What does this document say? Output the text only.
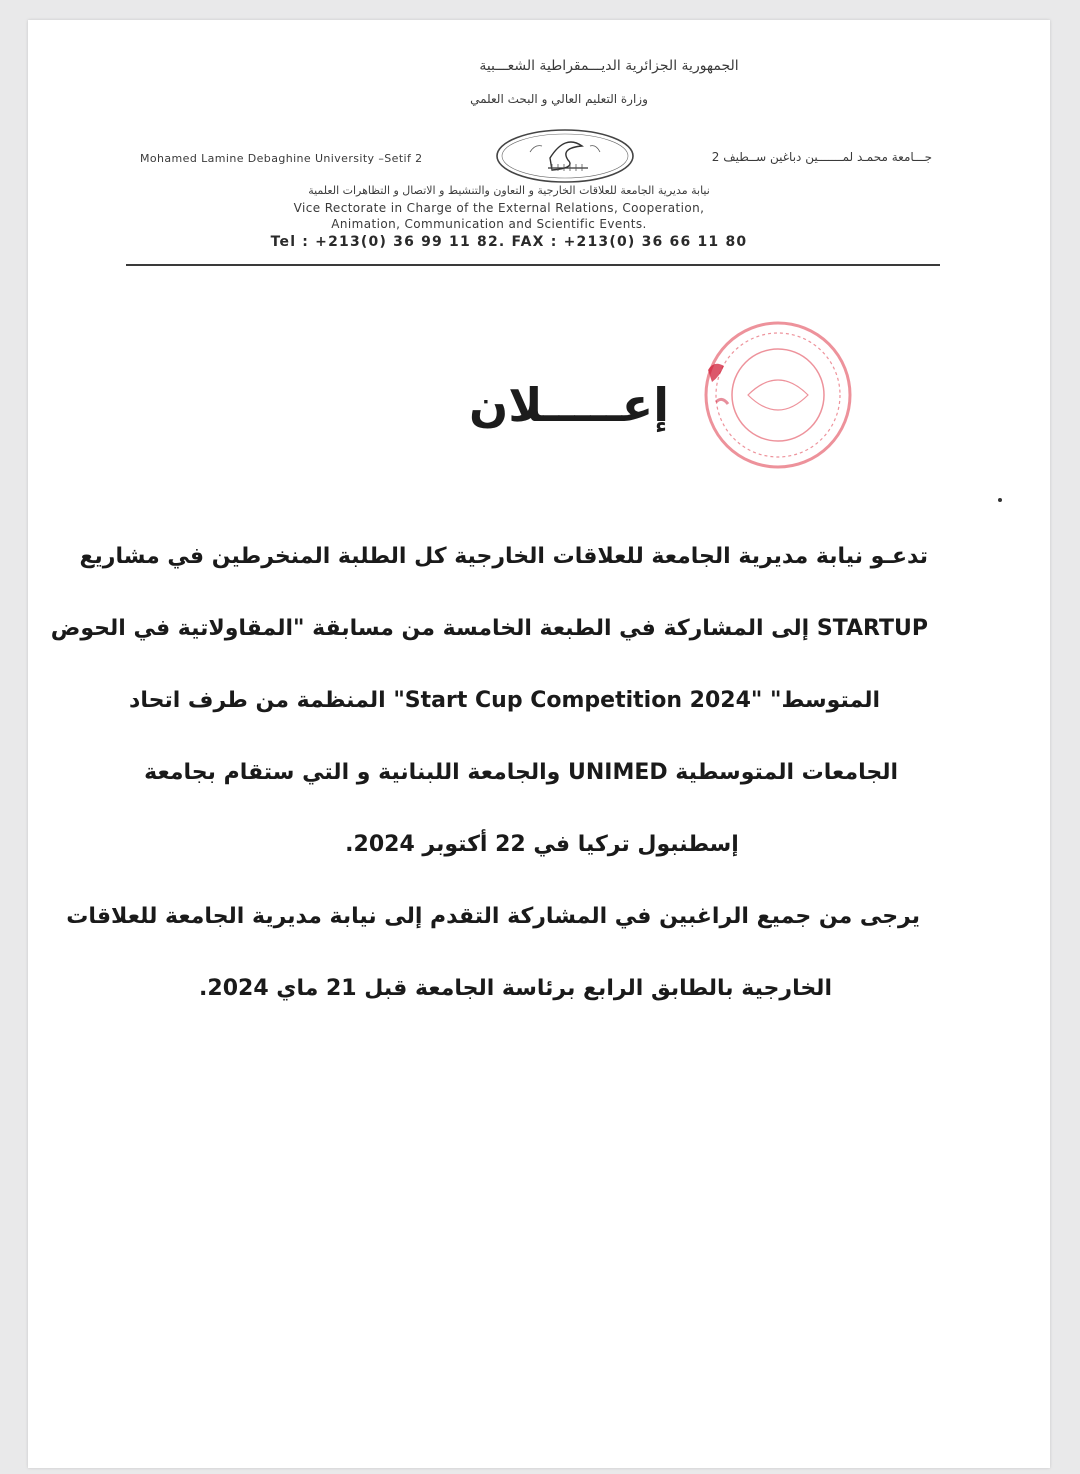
الجمهورية الجزائرية الديـــمقراطية الشعـــبية
وزارة التعليم العالي و البحث العلمي
Mohamed Lamine Debaghine University –Setif 2	جـــامعة محمـد لمـــــــين دباغين ســطيف 2
نيابة مديرية الجامعة للعلاقات الخارجية و التعاون والتنشيط و الاتصال و التظاهرات العلمية
Vice Rectorate in Charge of the External Relations, Cooperation,
Animation, Communication and Scientific Events.
Tel : +213(0) 36 99 11 82. FAX : +213(0) 36 66 11 80
إعـــــلان
تدعـو نيابة مديرية الجامعة للعلاقات الخارجية كل الطلبة المنخرطين في مشاريع
STARTUP إلى المشاركة في الطبعة الخامسة من مسابقة "المقاولاتية في الحوض
المتوسط" "Start Cup Competition 2024" المنظمة من طرف اتحاد
الجامعات المتوسطية UNIMED والجامعة اللبنانية و التي ستقام بجامعة
إسطنبول تركيا في 22 أكتوبر 2024.
يرجى من جميع الراغبين في المشاركة التقدم إلى نيابة مديرية الجامعة للعلاقات
الخارجية بالطابق الرابع برئاسة الجامعة قبل 21 ماي 2024.
